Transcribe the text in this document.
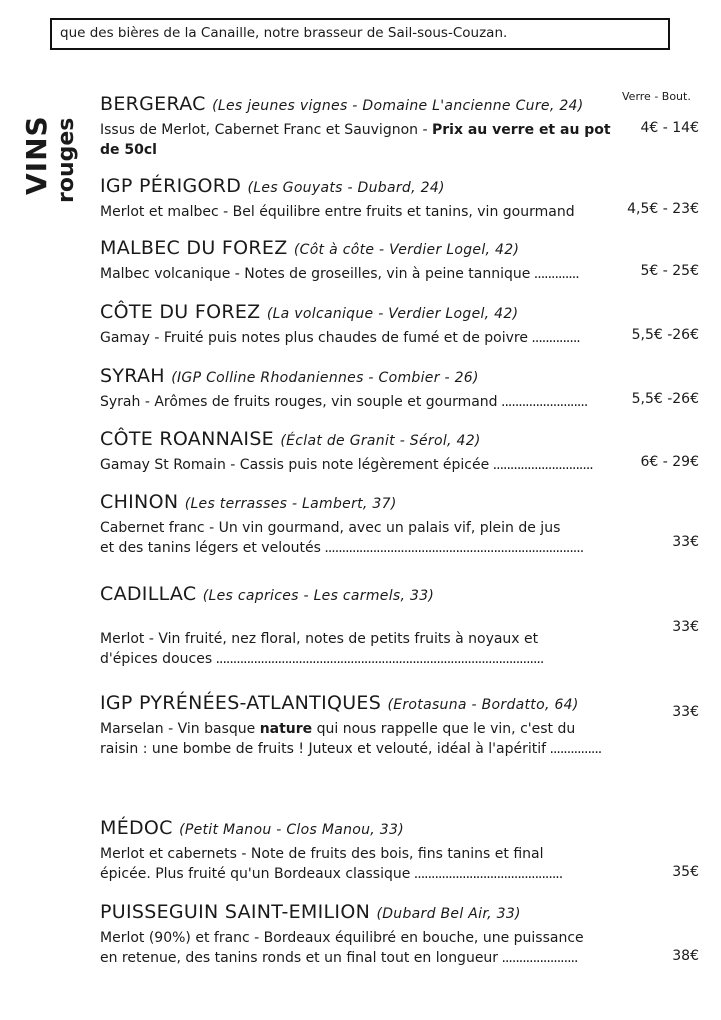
que des bières de la Canaille, notre brasseur de Sail-sous-Couzan.
VINS rouges
Verre - Bout.
BERGERAC (Les jeunes vignes - Domaine L'ancienne Cure, 24)
Issus de Merlot, Cabernet Franc et Sauvignon - Prix au verre et au pot de 50cl
4€ - 14€
IGP PÉRIGORD (Les Gouyats - Dubard, 24)
Merlot et malbec - Bel équilibre entre fruits et tanins, vin gourmand	4,5€ - 23€
MALBEC DU FOREZ (Côt à côte - Verdier Logel, 42)
Malbec volcanique - Notes de groseilles, vin à peine tannique .............	5€ - 25€
CÔTE DU FOREZ (La volcanique - Verdier Logel, 42)
Gamay - Fruité puis notes plus chaudes de fumé et de poivre ..............	5,5€ -26€
SYRAH (IGP Colline Rhodaniennes - Combier - 26)
Syrah - Arômes de fruits rouges, vin souple et gourmand .........................	5,5€ -26€
CÔTE ROANNAISE (Éclat de Granit - Sérol, 42)
Gamay St Romain - Cassis puis note légèrement épicée .............................	6€ - 29€
CHINON (Les terrasses - Lambert, 37)
Cabernet franc - Un vin gourmand, avec un palais vif, plein de jus
et des tanins légers et veloutés ...........................................................................	33€
CADILLAC (Les caprices - Les carmels, 33)
Merlot - Vin fruité, nez floral, notes de petits fruits à noyaux et
d'épices douces ...............................................................................................
33€
IGP PYRÉNÉES-ATLANTIQUES (Erotasuna - Bordatto, 64)
Marselan - Vin basque nature qui nous rappelle que le vin, c'est du raisin : une bombe de fruits ! Juteux et velouté, idéal à l'apéritif ...............
33€
MÉDOC (Petit Manou - Clos Manou, 33)
Merlot et cabernets - Note de fruits des bois, fins tanins et final
épicée. Plus fruité qu'un Bordeaux classique ...........................................	35€
PUISSEGUIN SAINT-EMILION (Dubard Bel Air, 33)
Merlot (90%) et franc - Bordeaux équilibré en bouche, une puissance
en retenue, des tanins ronds et un final tout en longueur ......................	38€
